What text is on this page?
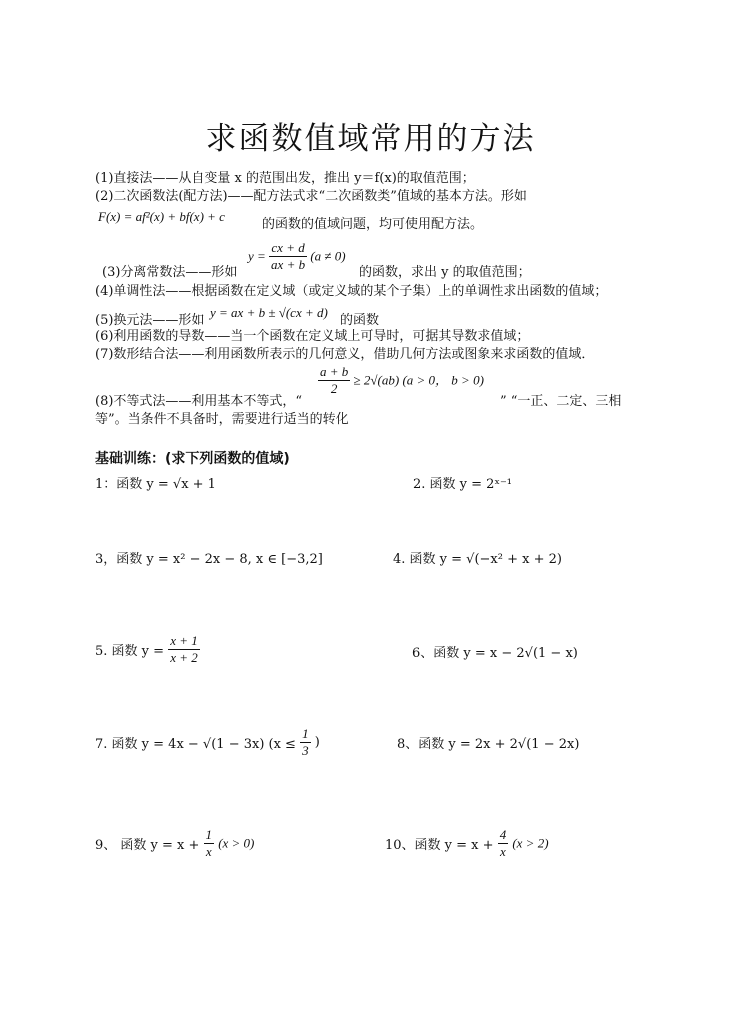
求函数值域常用的方法
(1)直接法——从自变量 x 的范围出发，推出 y＝f(x)的取值范围；
(2)二次函数法(配方法)——配方法式求“二次函数类”值域的基本方法。形如
F(x) = af²(x) + bf(x) + c
的函数的值域问题，均可使用配方法。
$y = \frac{cx + d}{ax + b} (a \ne 0)$
(3)分离常数法——形如	的函数，求出 y 的取值范围；
(4)单调性法——根据函数在定义域（或定义域的某个子集）上的单调性求出函数的值域；
(5)换元法——形如
y = ax + b ± √(cx + d)
的函数
(6)利用函数的导数——当一个函数在定义域上可导时，可据其导数求值域；
(7)数形结合法——利用函数所表示的几何意义，借助几何方法或图象来求函数的值域．
$\frac{a + b}{2} \ge 2√(ab) (a > 0$， b > 0)
(8)不等式法——利用基本不等式，“	” “一正、二定、三相
等”。当条件不具备时，需要进行适当的转化
基础训练：(求下列函数的值域)
1：函数 y = √x + 1	2. 函数 y = 2ˣ⁻¹
3，函数 y = x² − 2x − 8, x ∈ [−3,2]	4. 函数 y = √(−x² + x + 2)
5. 函数 $y = \frac{x + 1}{x + 2}$	6、函数 y = x − 2√(1 − x)
7. 函数 y = 4x − √(1 − 3x) ($x \le \frac{1}{3}$ )	8、函数 y = 2x + 2√(1 − 2x)
9、 函数 $y = x + \frac{1}{x} (x > 0)$	10、函数 $y = x + \frac{4}{x} (x > 2)$
